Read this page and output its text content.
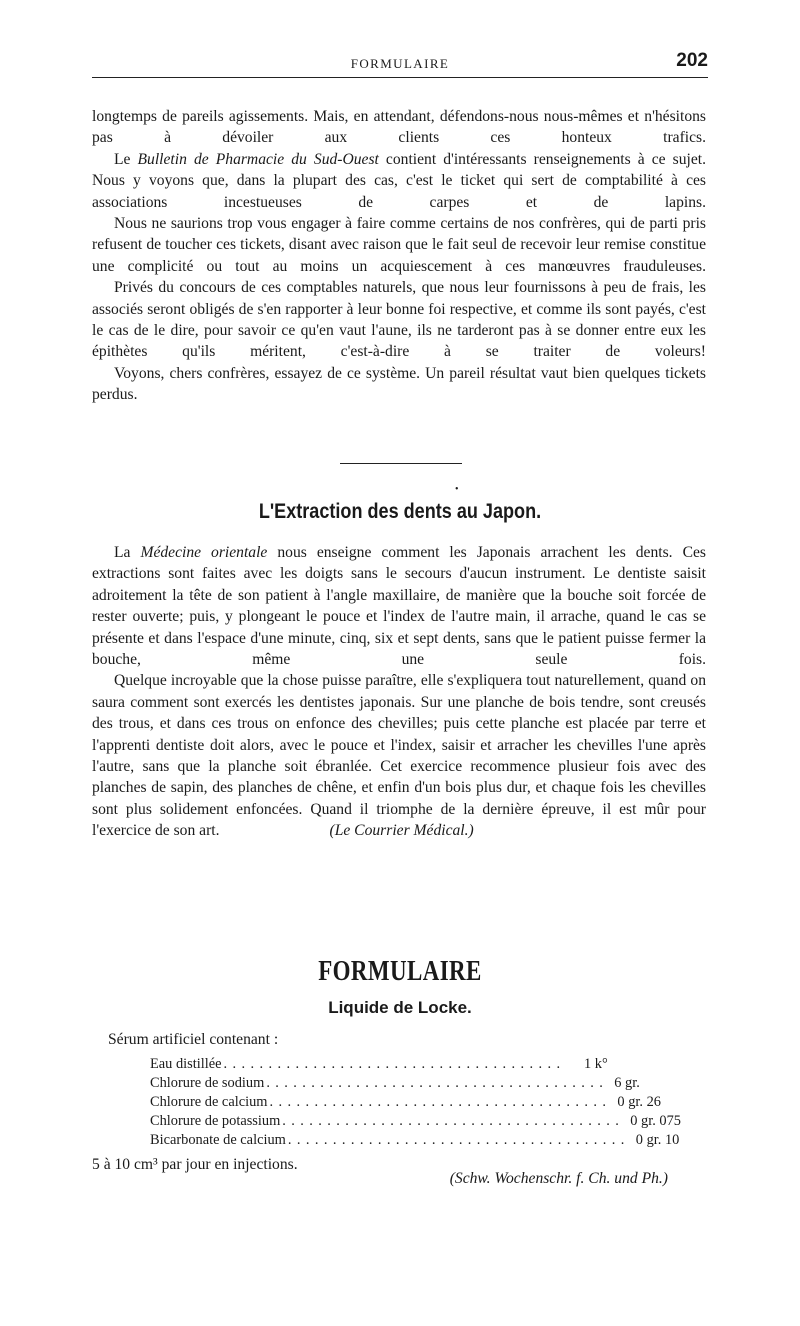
FORMULAIRE	202

longtemps de pareils agissements. Mais, en attendant, défendons-nous nous-mêmes et n'hésitons pas à dévoiler aux clients ces honteux trafics.

Le Bulletin de Pharmacie du Sud-Ouest contient d'intéressants renseignements à ce sujet. Nous y voyons que, dans la plupart des cas, c'est le ticket qui sert de comptabilité à ces associations incestueuses de carpes et de lapins.

Nous ne saurions trop vous engager à faire comme certains de nos confrères, qui de parti pris refusent de toucher ces tickets, disant avec raison que le fait seul de recevoir leur remise constitue une complicité ou tout au moins un acquiescement à ces manœuvres frauduleuses.

Privés du concours de ces comptables naturels, que nous leur fournissons à peu de frais, les associés seront obligés de s'en rapporter à leur bonne foi respective, et comme ils sont payés, c'est le cas de le dire, pour savoir ce qu'en vaut l'aune, ils ne tarderont pas à se donner entre eux les épithètes qu'ils méritent, c'est-à-dire à se traiter de voleurs!

Voyons, chers confrères, essayez de ce système. Un pareil résultat vaut bien quelques tickets perdus.

•
L'Extraction des dents au Japon.

La Médecine orientale nous enseigne comment les Japonais arrachent les dents. Ces extractions sont faites avec les doigts sans le secours d'aucun instrument. Le dentiste saisit adroitement la tête de son patient à l'angle maxillaire, de manière que la bouche soit forcée de rester ouverte; puis, y plongeant le pouce et l'index de l'autre main, il arrache, quand le cas se présente et dans l'espace d'une minute, cinq, six et sept dents, sans que le patient puisse fermer la bouche, même une seule fois.

Quelque incroyable que la chose puisse paraître, elle s'expliquera tout naturellement, quand on saura comment sont exercés les dentistes japonais. Sur une planche de bois tendre, sont creusés des trous, et dans ces trous on enfonce des chevilles; puis cette planche est placée par terre et l'apprenti dentiste doit alors, avec le pouce et l'index, saisir et arracher les chevilles l'une après l'autre, sans que la planche soit ébranlée. Cet exercice recommence plusieur fois avec des planches de sapin, des planches de chêne, et enfin d'un bois plus dur, et chaque fois les chevilles sont plus solidement enfoncées. Quand il triomphe de la dernière épreuve, il est mûr pour l'exercice de son art.	(Le Courrier Médical.)

FORMULAIRE
Liquide de Locke.
Sérum artificiel contenant :
Eau distillée ......................................	1 k°
Chlorure de sodium ...................................... 6 gr.
Chlorure de calcium ...................................... 0 gr. 26
Chlorure de potassium ...................................... 0 gr. 075
Bicarbonate de calcium ...................................... 0 gr. 10
5 à 10 cm³ par jour en injections.
(Schw. Wochenschr. f. Ch. und Ph.)
